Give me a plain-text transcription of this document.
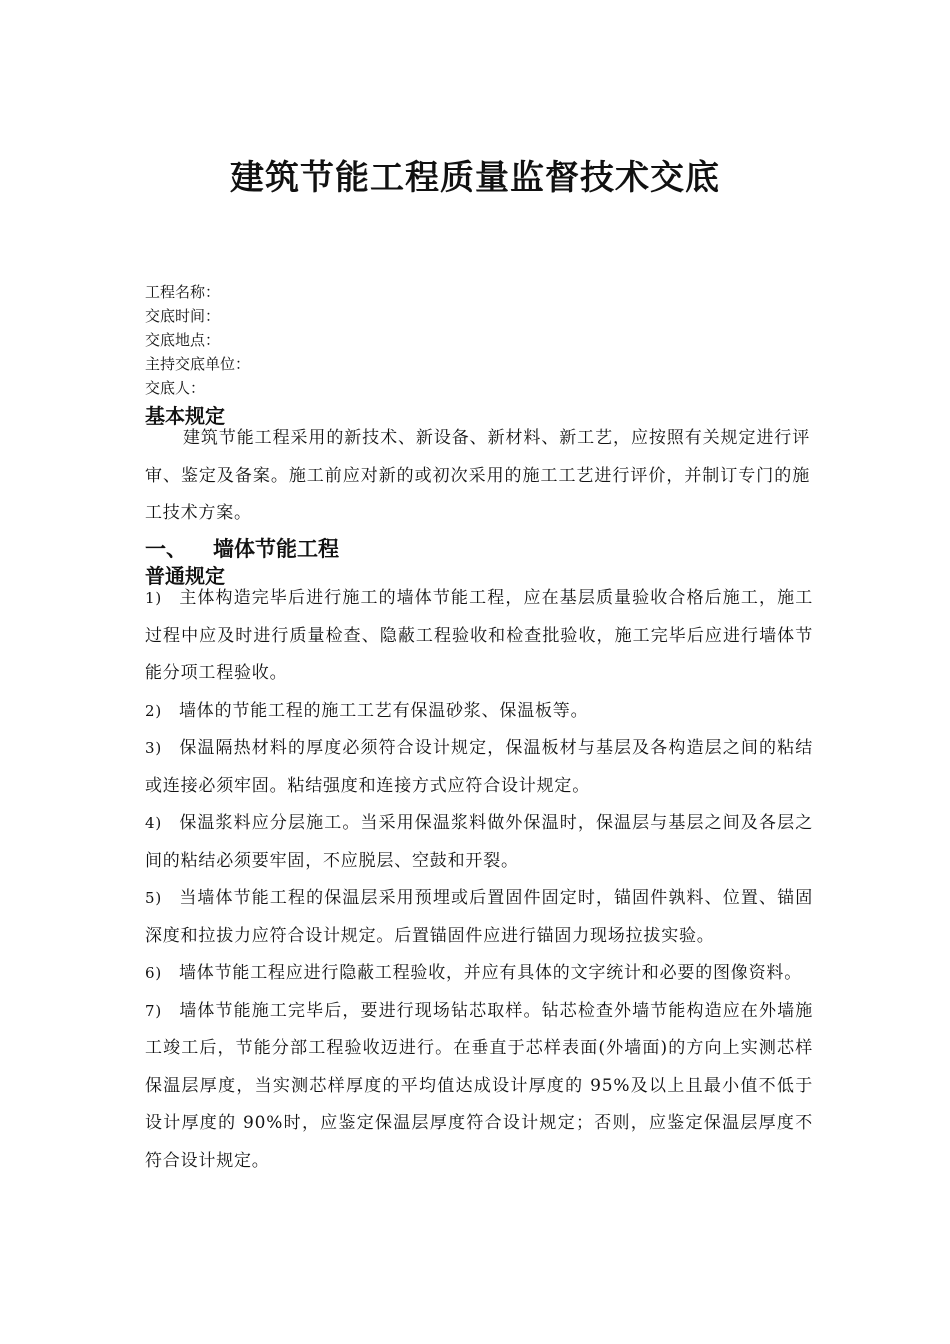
建筑节能工程质量监督技术交底
工程名称：
交底时间：
交底地点：
主持交底单位：
交底人：
基本规定

建筑节能工程采用的新技术、新设备、新材料、新工艺，应按照有关规定进行评审、鉴定及备案。施工前应对新的或初次采用的施工工艺进行评价，并制订专门的施工技术方案。

一、 墙体节能工程
普通规定
1) 主体构造完毕后进行施工的墙体节能工程，应在基层质量验收合格后施工，施工过程中应及时进行质量检查、隐蔽工程验收和检查批验收，施工完毕后应进行墙体节能分项工程验收。
2) 墙体的节能工程的施工工艺有保温砂浆、保温板等。
3) 保温隔热材料的厚度必须符合设计规定，保温板材与基层及各构造层之间的粘结或连接必须牢固。粘结强度和连接方式应符合设计规定。
4) 保温浆料应分层施工。当采用保温浆料做外保温时，保温层与基层之间及各层之间的粘结必须要牢固，不应脱层、空鼓和开裂。
5) 当墙体节能工程的保温层采用预埋或后置固件固定时，锚固件孰料、位置、锚固深度和拉拔力应符合设计规定。后置锚固件应进行锚固力现场拉拔实验。
6) 墙体节能工程应进行隐蔽工程验收，并应有具体的文字统计和必要的图像资料。
7) 墙体节能施工完毕后，要进行现场钻芯取样。钻芯检查外墙节能构造应在外墙施工竣工后，节能分部工程验收迈进行。在垂直于芯样表面(外墙面)的方向上实测芯样保温层厚度，当实测芯样厚度的平均值达成设计厚度的 95%及以上且最小值不低于设计厚度的 90%时，应鉴定保温层厚度符合设计规定；否则，应鉴定保温层厚度不符合设计规定。
